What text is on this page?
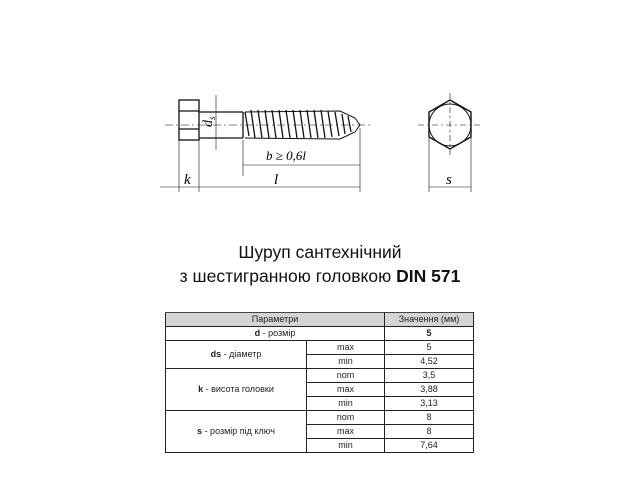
$d_s$
b ≥ 0,6l
k	l	s
Шуруп сантехнічний
з шестигранною головкою DIN 571
Параметри		Значення (мм)
d - розмір		5
ds - діаметр	max	5
	min	4,52
k - висота головки	nom	3,5
	max	3,88
	min	3,13
s - розмір під ключ	nom	8
	max	8
	min	7,64
